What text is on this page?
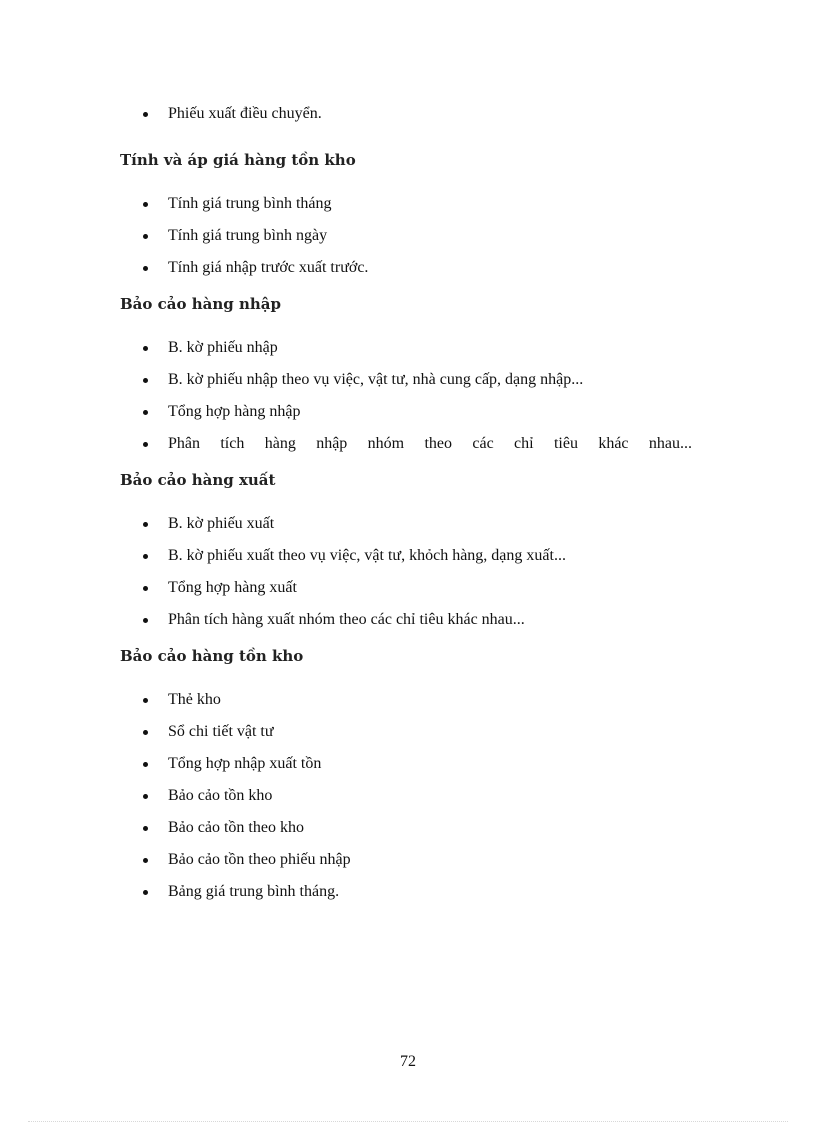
Phiếu xuất điều chuyển.
Tính và áp giá hàng tồn kho
Tính giá trung bình tháng
Tính giá trung bình ngày
Tính giá nhập trước xuất trước.
Bảo cảo hàng nhập
B. kờ phiếu nhập
B. kờ phiếu nhập theo vụ việc, vật tư, nhà cung cấp, dạng nhập...
Tổng hợp hàng nhập
Phân tích hàng nhập nhóm theo các chỉ tiêu khác nhau...
Bảo cảo hàng xuất
B. kờ phiếu xuất
B. kờ phiếu xuất theo vụ việc, vật tư, khỏch hàng, dạng xuất...
Tổng hợp hàng xuất
Phân tích hàng xuất nhóm theo các chỉ tiêu khác nhau...
Bảo cảo hàng tồn kho
Thẻ kho
Sổ chi tiết vật tư
Tổng hợp nhập xuất tồn
Bảo cảo tồn kho
Bảo cảo tồn theo kho
Bảo cảo tồn theo phiếu nhập
Bảng giá trung bình tháng.
72
